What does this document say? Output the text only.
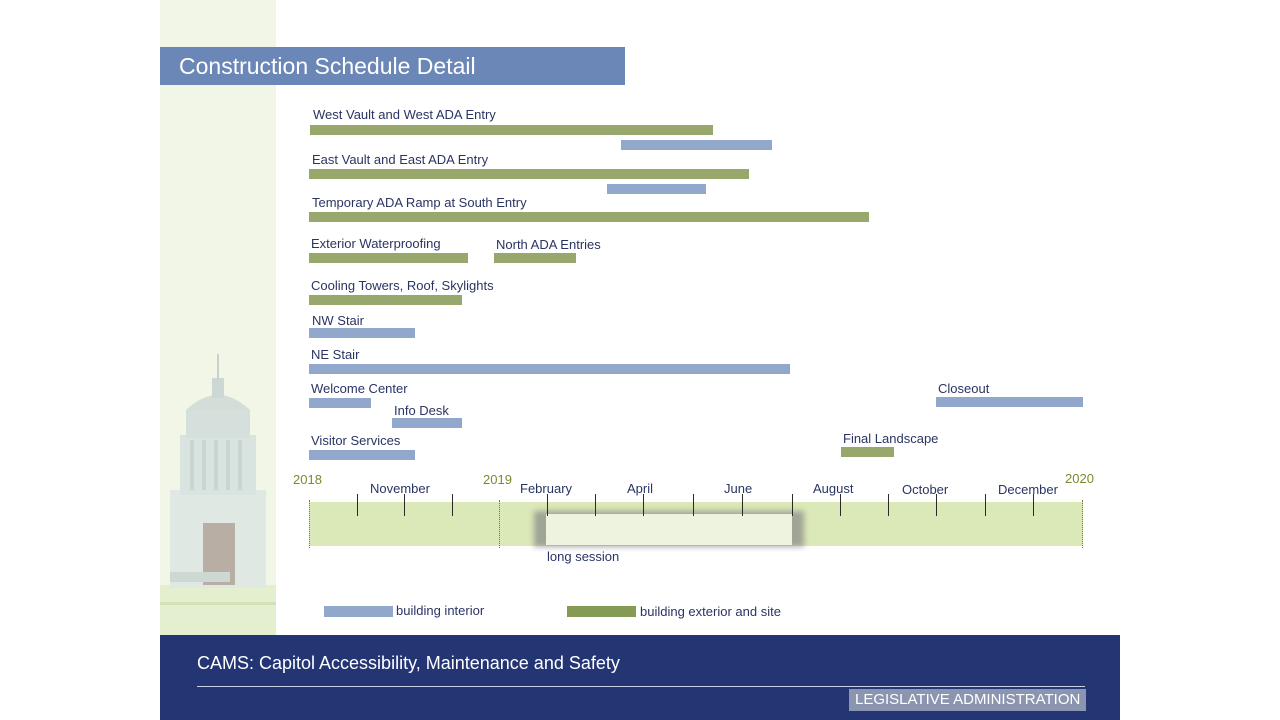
Construction Schedule Detail
West Vault and West ADA Entry
East Vault and East ADA Entry
Temporary ADA Ramp at South Entry
Exterior Waterproofing	North ADA Entries
Cooling Towers, Roof, Skylights
NW Stair
NE Stair
Welcome Center
Info Desk
Visitor Services	Final Landscape
Closeout
2018	2019	2020
November	February	April	June	August	October	December
long session
building interior	building exterior and site
CAMS: Capitol Accessibility, Maintenance and Safety
LEGISLATIVE ADMINISTRATION
